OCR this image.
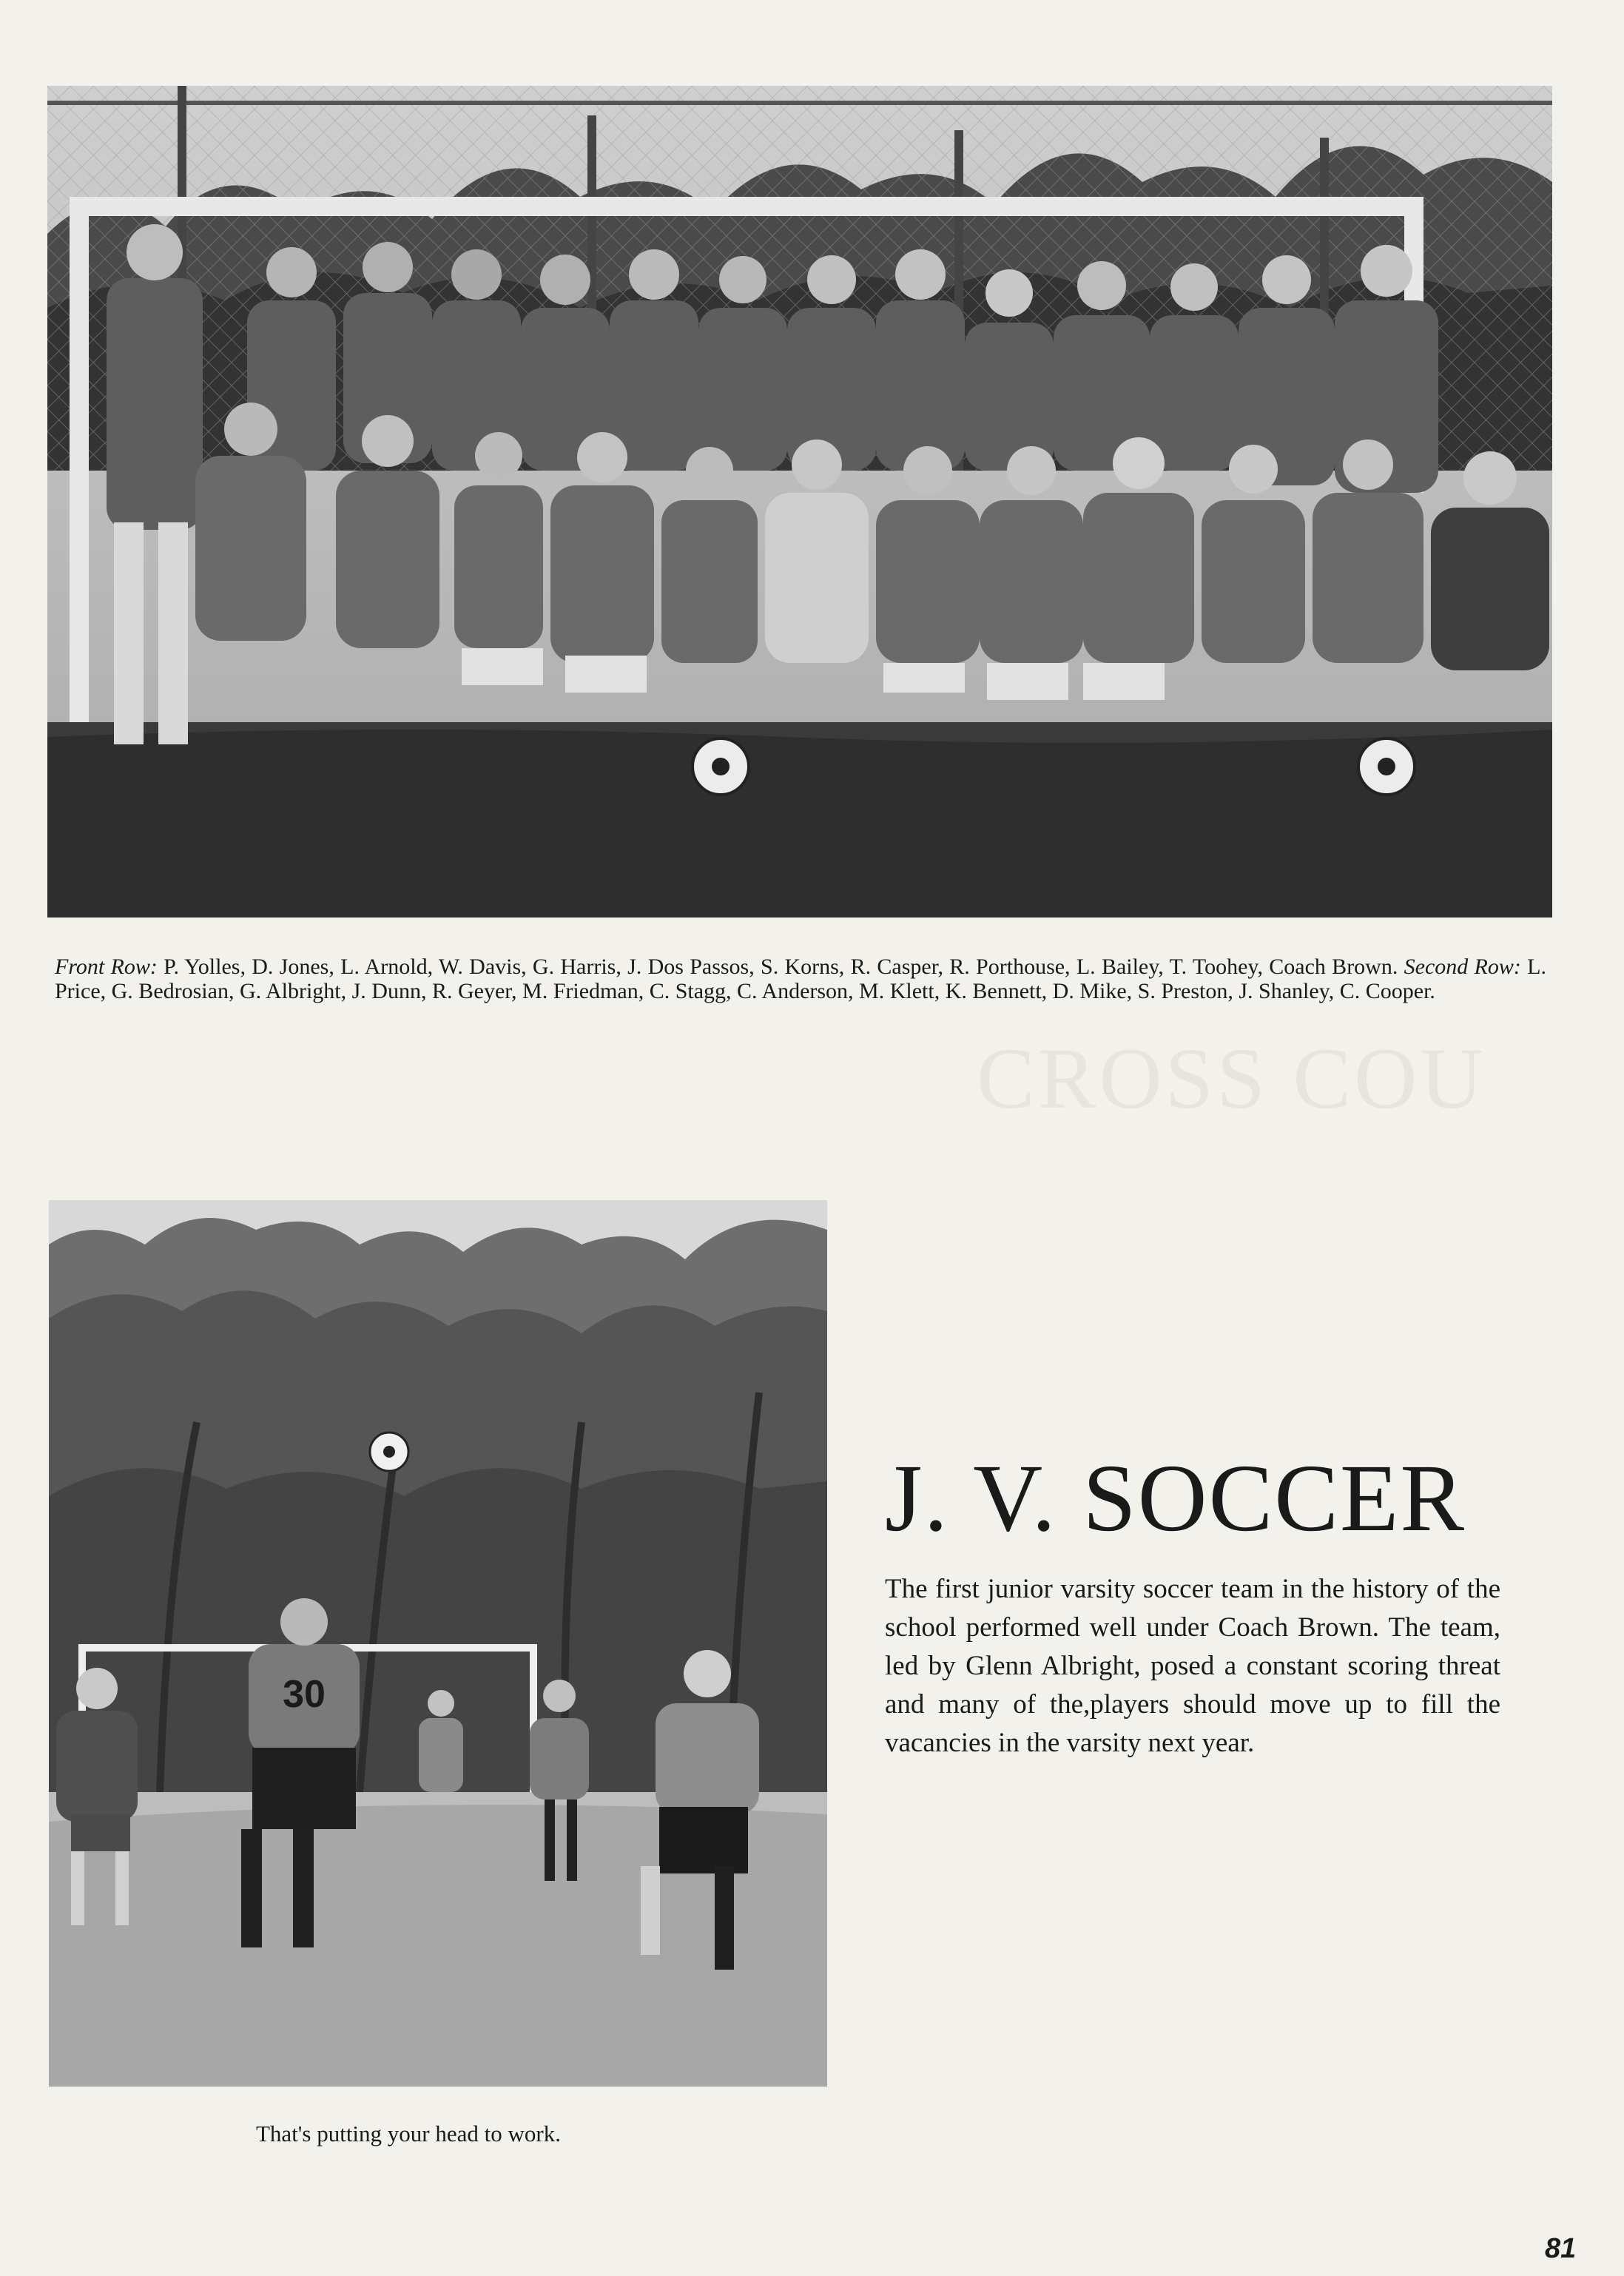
Front Row: P. Yolles, D. Jones, L. Arnold, W. Davis, G. Harris, J. Dos Passos, S. Korns, R. Casper, R. Porthouse, L. Bailey, T. Toohey, Coach Brown. Second Row: L. Price, G. Bedrosian, G. Albright, J. Dunn, R. Geyer, M. Friedman, C. Stagg, C. Anderson, M. Klett, K. Bennett, D. Mike, S. Preston, J. Shanley, C. Cooper.
CROSS COU
30
J. V. SOCCER

The first junior varsity soccer team in the history of the school performed well under Coach Brown. The team, led by Glenn Albright, posed a constant scoring threat and many of the,players should move up to fill the vacancies in the varsity next year.

That's putting your head to work.
81
